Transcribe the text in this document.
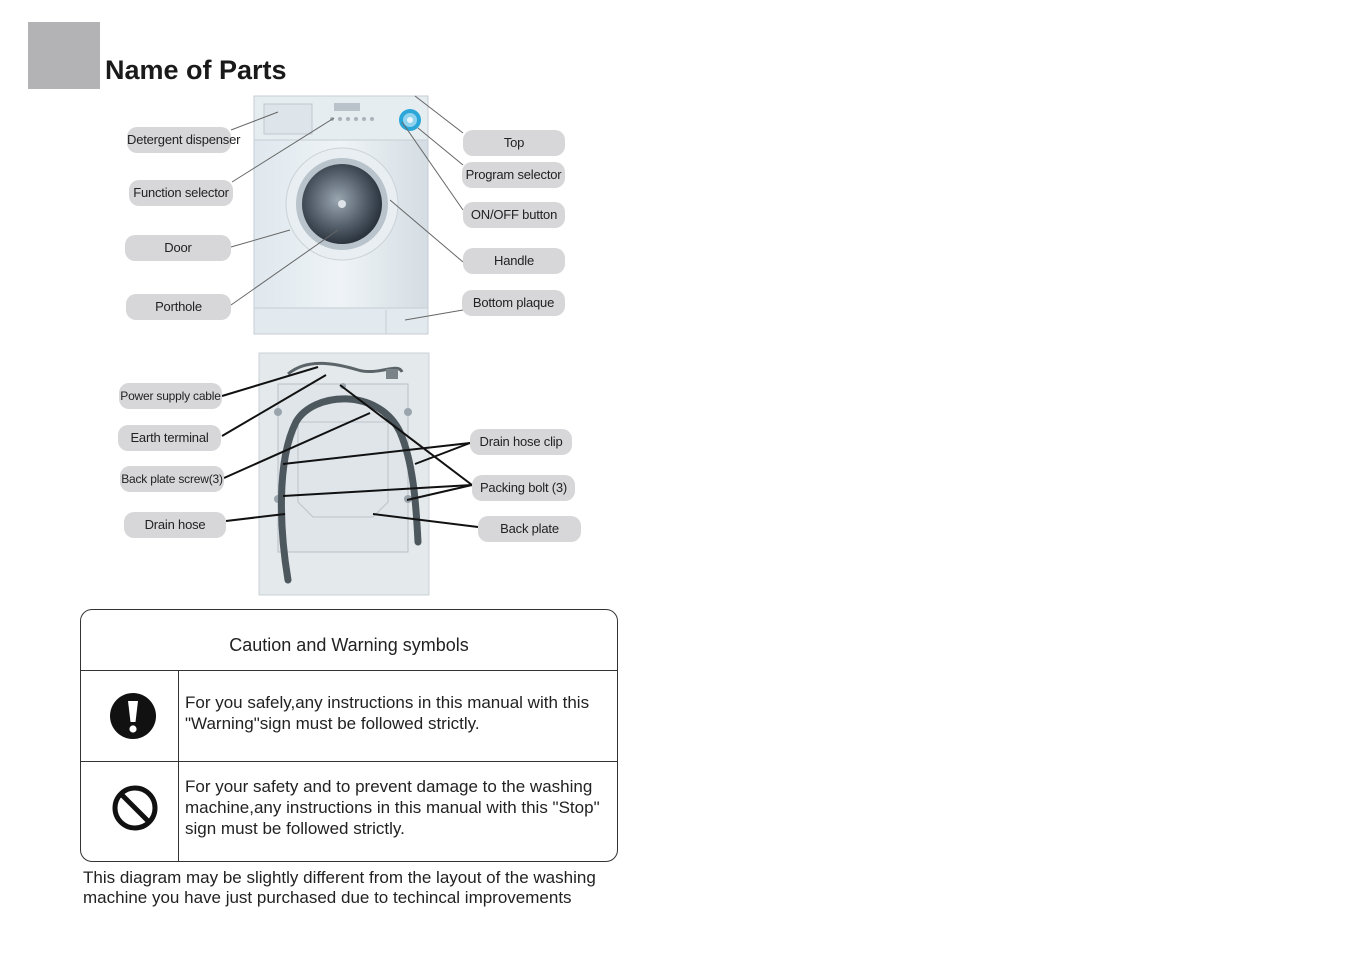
Name of Parts
Detergent dispenser
Function selector
Door
Porthole
Top
Program selector
ON/OFF button
Handle
Bottom plaque
Power supply cable
Earth terminal
Back plate screw(3)
Drain hose
Drain hose clip
Packing bolt (3)
Back plate
Caution and Warning symbols
For you safely,any instructions in this manual with this "Warning"sign must be followed strictly.
For your safety and to prevent damage to the washing machine,any instructions in this manual with this "Stop" sign must be followed strictly.
This diagram may be slightly different from the layout of the washing machine you have just purchased due to techincal improvements
